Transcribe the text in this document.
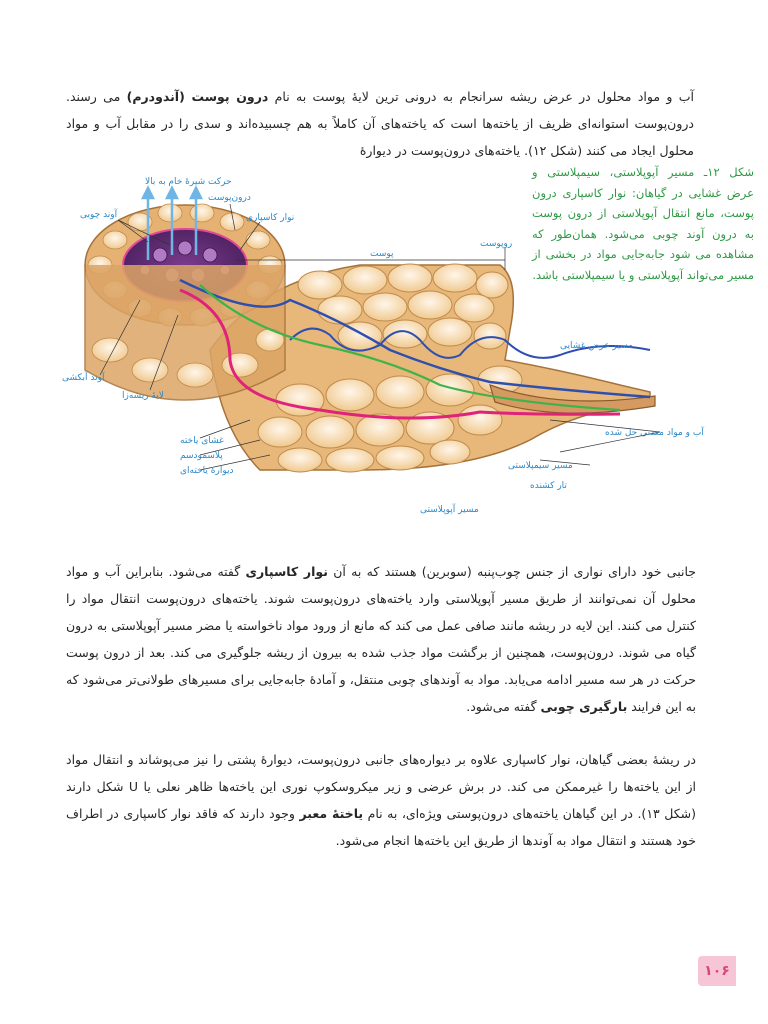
آب و مواد محلول در عرض ریشه سرانجام به درونی ترین لایهٔ پوست به نام درون پوست (آندودرم) می رسند. درون‌پوست استوانه‌ای ظریف از یاخته‌ها است که یاخته‌های آن کاملاً به هم چسبیده‌اند و سدی را در مقابل آب و مواد محلول ایجاد می کنند (شکل ۱۲). یاخته‌های درون‌پوست در دیوارهٔ

شکل ۱۲ـ مسیر آپوپلاستی، سیمپلاستی و عرض غشایی در گیاهان: نوار کاسپاری درون پوست، مانع انتقال آپوپلاستی از درون پوست به درون آوند چوبی می‌شود. همان‌طور که مشاهده می شود جابه‌جایی مواد در بخشی از مسیر می‌تواند آپوپلاستی و یا سیمپلاستی باشد.
حرکت شیرهٔ خام به بالا
درون‌پوست
آوند چوبی	نوار کاسپاری
پوست
روپوست
آوند آبکشی
لایهٔ ریشه‌زا
مسیر عرض غشایی
آب و مواد معدنی حل شده
غشای یاخته
پلاسمودسم
دیوارهٔ یاخته‌ای	مسیر سیمپلاستی
تار کشنده
مسیر آپوپلاستی

جانبی خود دارای نواری از جنس چوب‌پنبه (سوبرین) هستند که به آن نوار کاسپاری گفته می‌شود. بنابراین آب و مواد محلول آن نمی‌توانند از طریق مسیر آپوپلاستی وارد یاخته‌های درون‌پوست شوند. یاخته‌های درون‌پوست انتقال مواد را کنترل می کنند. این لایه در ریشه مانند صافی عمل می کند که مانع از ورود مواد ناخواسته یا مضر مسیر آپوپلاستی به درون گیاه می شوند. درون‌پوست، همچنین از برگشت مواد جذب شده به بیرون از ریشه جلوگیری می کند. بعد از درون پوست حرکت در هر سه مسیر ادامه می‌یابد. مواد به آوندهای چوبی منتقل، و آمادهٔ جابه‌جایی برای مسیرهای طولانی‌تر می‌شود که به این فرایند بارگیری چوبی گفته می‌شود.

در ریشهٔ بعضی گیاهان، نوار کاسپاری علاوه بر دیواره‌های جانبی درون‌پوست، دیوارهٔ پشتی را نیز می‌پوشاند و انتقال مواد از این یاخته‌ها را غیرممکن می کند. در برش عرضی و زیر میکروسکوپ نوری این یاخته‌ها ظاهر نعلی یا U شکل دارند (شکل ۱۳). در این گیاهان یاخته‌های درون‌پوستی ویژه‌ای، به نام یاختهٔ معبر وجود دارند که فاقد نوار کاسپاری در اطراف خود هستند و انتقال مواد به آوندها از طریق این یاخته‌ها انجام می‌شود.

۱۰۶
